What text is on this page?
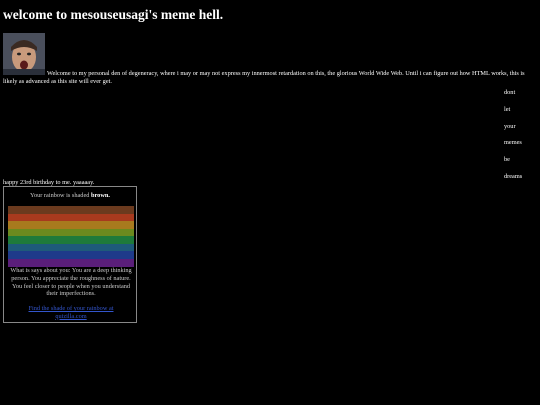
welcome to mesouseusagi's meme hell.
Welcome to my personal den of degeneracy, where i may or may not express my innermost retardation on this, the glorious World Wide Web. Until i can figure out how HTML works, this is likely as advanced as this site will ever get.
dont
let
your
memes
be
dreams
happy 23rd birthday to me. yaaaaay.
Your rainbow is shaded brown.
What is says about you: You are a deep thinking person. You appreciate the roughness of nature. You feel closer to people when you understand their imperfections.
Find the shade of your rainbow at quizilla.com
